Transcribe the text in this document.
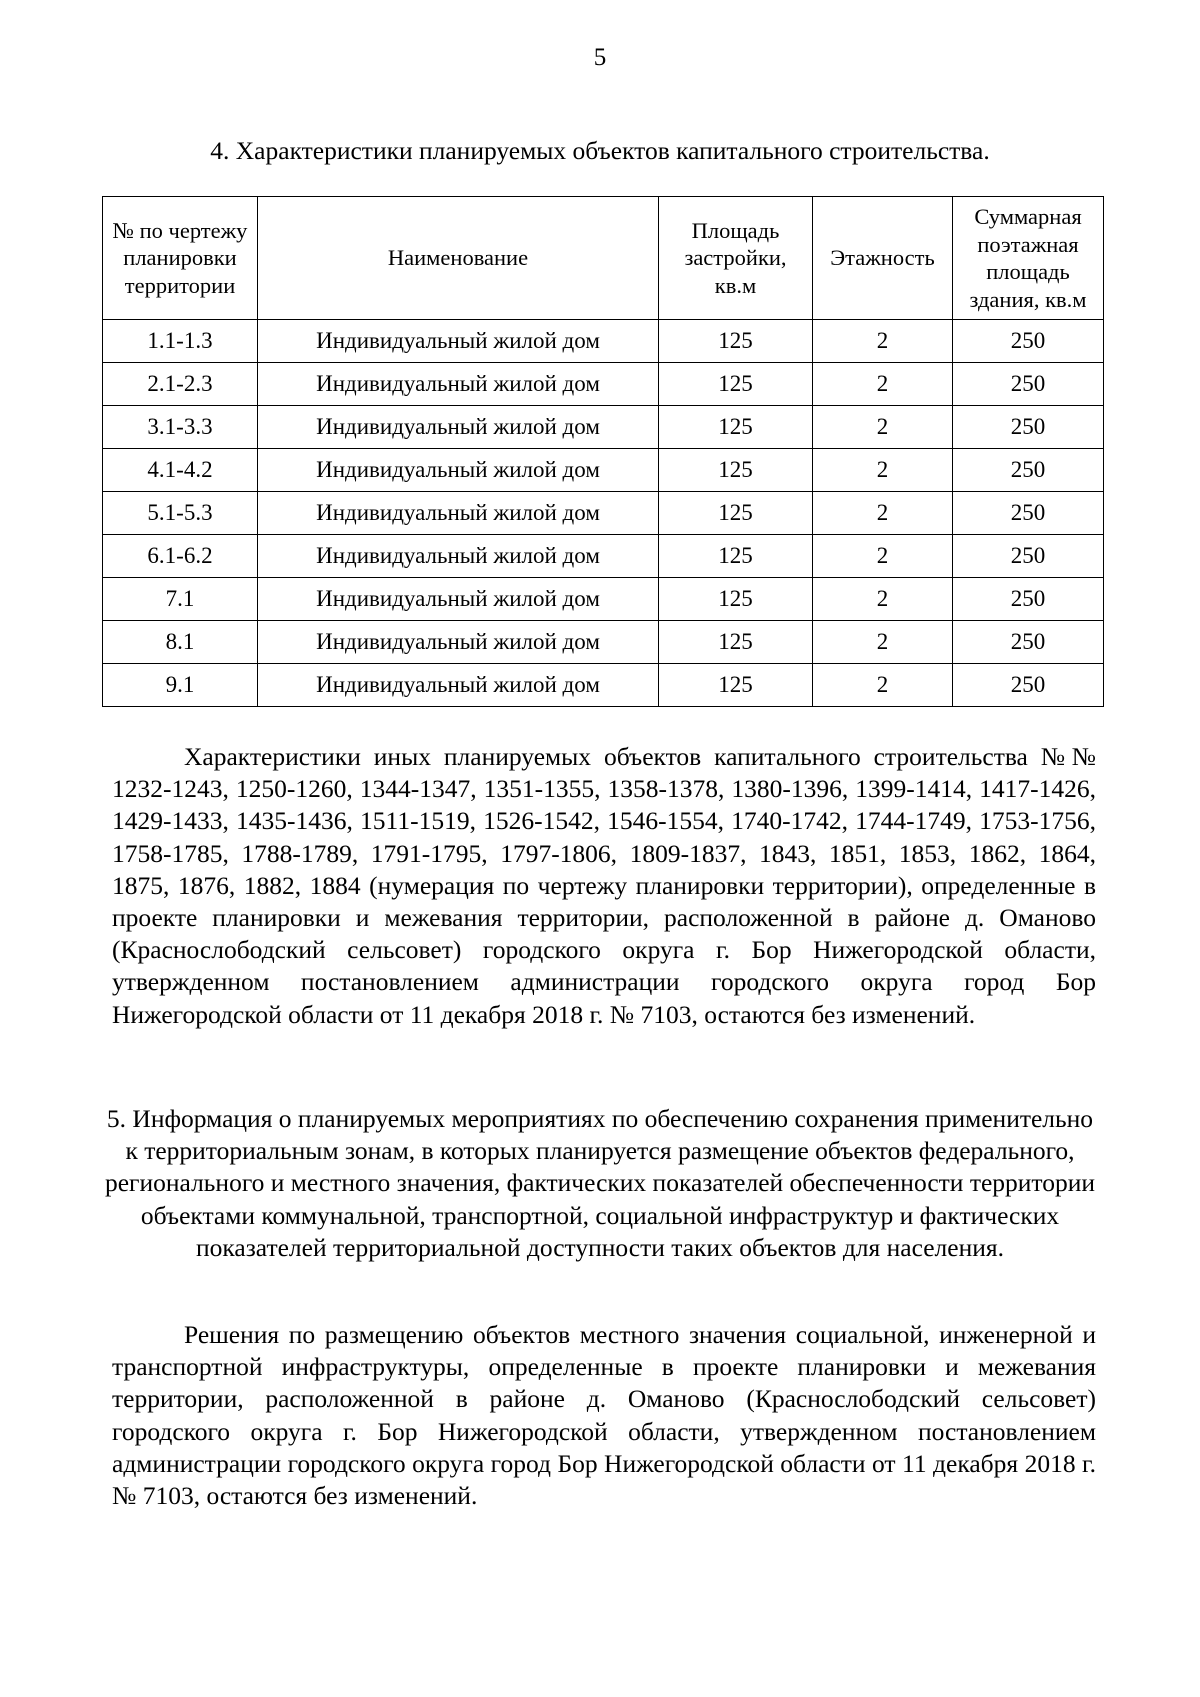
5
4. Характеристики планируемых объектов капитального строительства.
№ по чертежу планировки территории	Наименование	Площадь застройки, кв.м	Этажность	Суммарная поэтажная площадь здания, кв.м
1.1-1.3	Индивидуальный жилой дом	125	2	250
2.1-2.3	Индивидуальный жилой дом	125	2	250
3.1-3.3	Индивидуальный жилой дом	125	2	250
4.1-4.2	Индивидуальный жилой дом	125	2	250
5.1-5.3	Индивидуальный жилой дом	125	2	250
6.1-6.2	Индивидуальный жилой дом	125	2	250
7.1	Индивидуальный жилой дом	125	2	250
8.1	Индивидуальный жилой дом	125	2	250
9.1	Индивидуальный жилой дом	125	2	250
Характеристики иных планируемых объектов капитального строительства №№ 1232-1243, 1250-1260, 1344-1347, 1351-1355, 1358-1378, 1380-1396, 1399-1414, 1417-1426, 1429-1433, 1435-1436, 1511-1519, 1526-1542, 1546-1554, 1740-1742, 1744-1749, 1753-1756, 1758-1785, 1788-1789, 1791-1795, 1797-1806, 1809-1837, 1843, 1851, 1853, 1862, 1864, 1875, 1876, 1882, 1884 (нумерация по чертежу планировки территории), определенные в проекте планировки и межевания территории, расположенной в районе д. Оманово (Краснослободский сельсовет) городского округа г. Бор Нижегородской области, утвержденном постановлением администрации городского округа город Бор Нижегородской области от 11 декабря 2018 г. № 7103, остаются без изменений.
5. Информация о планируемых мероприятиях по обеспечению сохранения применительно к территориальным зонам, в которых планируется размещение объектов федерального, регионального и местного значения, фактических показателей обеспеченности территории объектами коммунальной, транспортной, социальной инфраструктур и фактических показателей территориальной доступности таких объектов для населения.
Решения по размещению объектов местного значения социальной, инженерной и транспортной инфраструктуры, определенные в проекте планировки и межевания территории, расположенной в районе д. Оманово (Краснослободский сельсовет) городского округа г. Бор Нижегородской области, утвержденном постановлением администрации городского округа город Бор Нижегородской области от 11 декабря 2018 г. № 7103, остаются без изменений.
